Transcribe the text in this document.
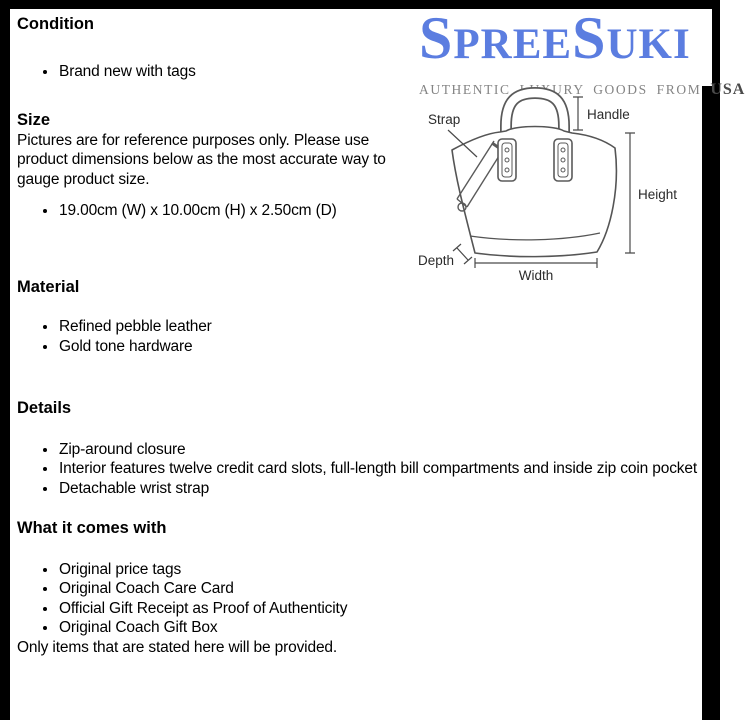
SPREESUKI
AUTHENTIC LUXURY GOODS FROM USA
Strap	Handle
Height
Width
Depth
Condition
• Brand new with tags
Size

Pictures are for reference purposes only. Please use product dimensions below as the most accurate way to gauge product size.

• 19.00cm (W) x 10.00cm (H) x 2.50cm (D)
Material
• Refined pebble leather
• Gold tone hardware
Details
• Zip-around closure
• Interior features twelve credit card slots, full-length bill compartments and inside zip coin pocket
• Detachable wrist strap
What it comes with
• Original price tags
• Original Coach Care Card
• Official Gift Receipt as Proof of Authenticity
• Original Coach Gift Box

Only items that are stated here will be provided.
